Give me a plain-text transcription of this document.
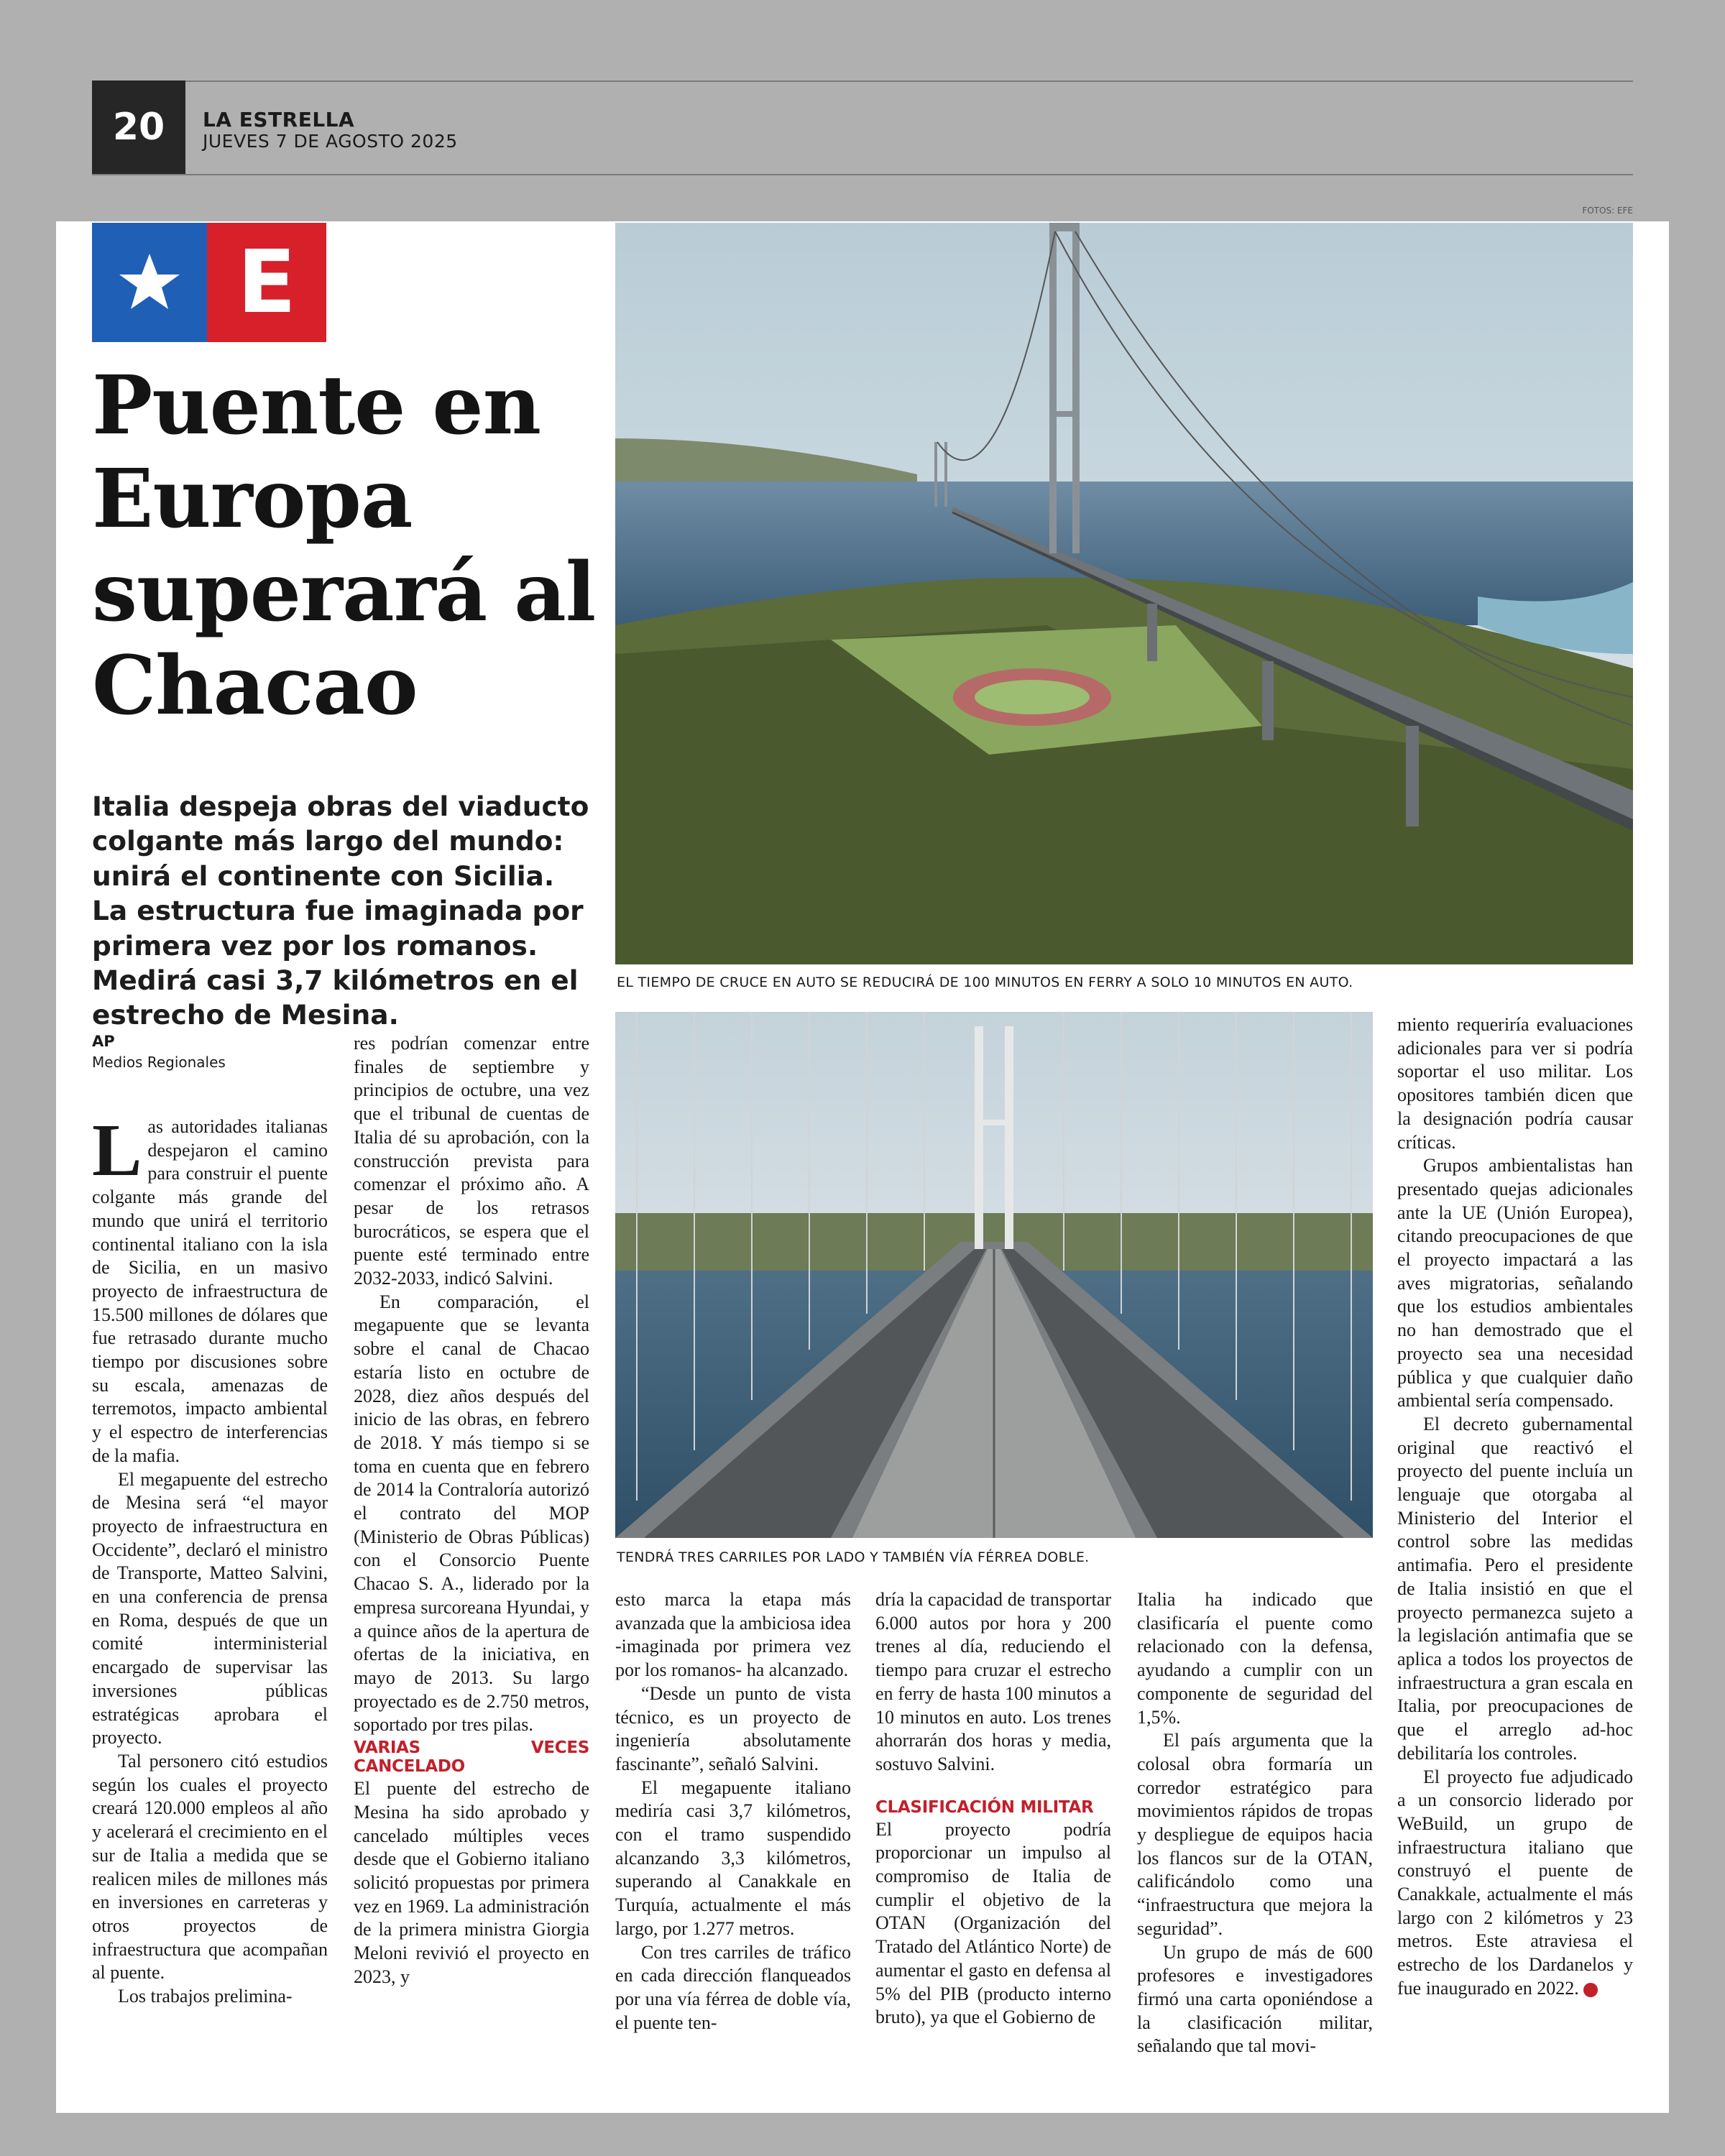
20	LA ESTRELLA
JUEVES 7 DE AGOSTO 2025
FOTOS: EFE
E
Puente en Europa superará al Chacao
Italia despeja obras del viaducto colgante más largo del mundo: unirá el continente con Sicilia. La estructura fue imaginada por primera vez por los romanos. Medirá casi 3,7 kilómetros en el estrecho de Mesina.
AP
Medios Regionales
EL TIEMPO DE CRUCE EN AUTO SE REDUCIRÁ DE 100 MINUTOS EN FERRY A SOLO 10 MINUTOS EN AUTO.
TENDRÁ TRES CARRILES POR LADO Y TAMBIÉN VÍA FÉRREA DOBLE.

Las autoridades italianas despejaron el camino para construir el puente colgante más grande del mundo que unirá el territorio continental italiano con la isla de Sicilia, en un masivo proyecto de infraestructura de 15.500 millones de dólares que fue retrasado durante mucho tiempo por discusiones sobre su escala, amenazas de terremotos, impacto ambiental y el espectro de interferencias de la mafia.

El megapuente del estrecho de Mesina será “el mayor proyecto de infraestructura en Occidente”, declaró el ministro de Transporte, Matteo Salvini, en una conferencia de prensa en Roma, después de que un comité interministerial encargado de supervisar las inversiones públicas estratégicas aprobara el proyecto.

Tal personero citó estudios según los cuales el proyecto creará 120.000 empleos al año y acelerará el crecimiento en el sur de Italia a medida que se realicen miles de millones más en inversiones en carreteras y otros proyectos de infraestructura que acompañan al puente.

Los trabajos prelimina-

res podrían comenzar entre finales de septiembre y principios de octubre, una vez que el tribunal de cuentas de Italia dé su aprobación, con la construcción prevista para comenzar el próximo año. A pesar de los retrasos burocráticos, se espera que el puente esté terminado entre 2032-2033, indicó Salvini.

En comparación, el megapuente que se levanta sobre el canal de Chacao estaría listo en octubre de 2028, diez años después del inicio de las obras, en febrero de 2018. Y más tiempo si se toma en cuenta que en febrero de 2014 la Contraloría autorizó el contrato del MOP (Ministerio de Obras Públicas) con el Consorcio Puente Chacao S. A., liderado por la empresa surcoreana Hyundai, y a quince años de la apertura de ofertas de la iniciativa, en mayo de 2013. Su largo proyectado es de 2.750 metros, soportado por tres pilas.

VARIAS VECES CANCELADO

El puente del estrecho de Mesina ha sido aprobado y cancelado múltiples veces desde que el Gobierno italiano solicitó propuestas por primera vez en 1969. La administración de la primera ministra Giorgia Meloni revivió el proyecto en 2023, y

esto marca la etapa más avanzada que la ambiciosa idea -imaginada por primera vez por los romanos- ha alcanzado.

“Desde un punto de vista técnico, es un proyecto de ingeniería absolutamente fascinante”, señaló Salvini.

El megapuente italiano mediría casi 3,7 kilómetros, con el tramo suspendido alcanzando 3,3 kilómetros, superando al Canakkale en Turquía, actualmente el más largo, por 1.277 metros.

Con tres carriles de tráfico en cada dirección flanqueados por una vía férrea de doble vía, el puente ten-

dría la capacidad de transportar 6.000 autos por hora y 200 trenes al día, reduciendo el tiempo para cruzar el estrecho en ferry de hasta 100 minutos a 10 minutos en auto. Los trenes ahorrarán dos horas y media, sostuvo Salvini.

CLASIFICACIÓN MILITAR

El proyecto podría proporcionar un impulso al compromiso de Italia de cumplir el objetivo de la OTAN (Organización del Tratado del Atlántico Norte) de aumentar el gasto en defensa al 5% del PIB (producto interno bruto), ya que el Gobierno de

Italia ha indicado que clasificaría el puente como relacionado con la defensa, ayudando a cumplir con un componente de seguridad del 1,5%.

El país argumenta que la colosal obra formaría un corredor estratégico para movimientos rápidos de tropas y despliegue de equipos hacia los flancos sur de la OTAN, calificándolo como una “infraestructura que mejora la seguridad”.

Un grupo de más de 600 profesores e investigadores firmó una carta oponiéndose a la clasificación militar, señalando que tal movi-

miento requeriría evaluaciones adicionales para ver si podría soportar el uso militar. Los opositores también dicen que la designación podría causar críticas.

Grupos ambientalistas han presentado quejas adicionales ante la UE (Unión Europea), citando preocupaciones de que el proyecto impactará a las aves migratorias, señalando que los estudios ambientales no han demostrado que el proyecto sea una necesidad pública y que cualquier daño ambiental sería compensado.

El decreto gubernamental original que reactivó el proyecto del puente incluía un lenguaje que otorgaba al Ministerio del Interior el control sobre las medidas antimafia. Pero el presidente de Italia insistió en que el proyecto permanezca sujeto a la legislación antimafia que se aplica a todos los proyectos de infraestructura a gran escala en Italia, por preocupaciones de que el arreglo ad-hoc debilitaría los controles.

El proyecto fue adjudicado a un consorcio liderado por WeBuild, un grupo de infraestructura italiano que construyó el puente de Canakkale, actualmente el más largo con 2 kilómetros y 23 metros. Este atraviesa el estrecho de los Dardanelos y fue inaugurado en 2022.
